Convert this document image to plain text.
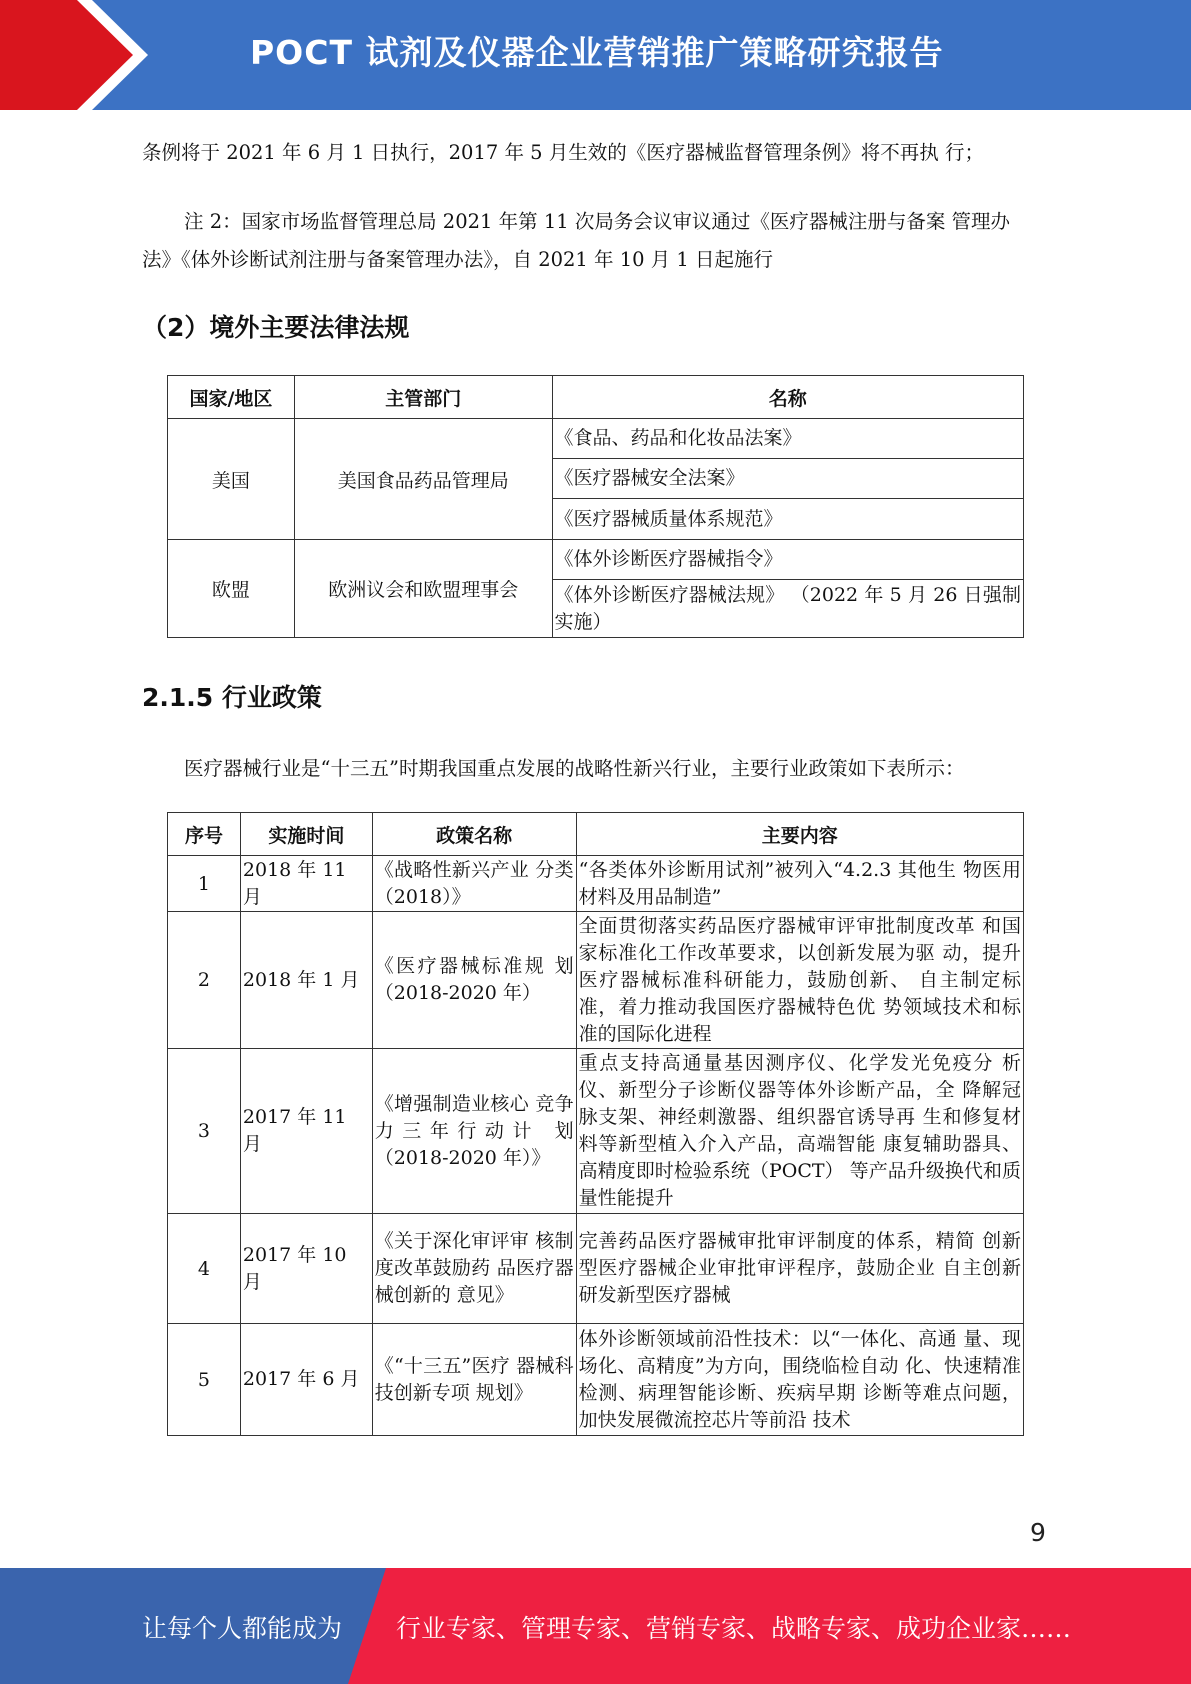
POCT 试剂及仪器企业营销推广策略研究报告

条例将于 2021 年 6 月 1 日执行，2017 年 5 月生效的《医疗器械监督管理条例》将不再执 行；

注 2：国家市场监督管理总局 2021 年第 11 次局务会议审议通过《医疗器械注册与备案 管理办法》《体外诊断试剂注册与备案管理办法》，自 2021 年 10 月 1 日起施行

（2）境外主要法律法规
国家/地区	主管部门	名称
美国	美国食品药品管理局	《食品、药品和化妆品法案》
		《医疗器械安全法案》
		《医疗器械质量体系规范》
欧盟	欧洲议会和欧盟理事会	《体外诊断医疗器械指令》
		《体外诊断医疗器械法规》 （2022 年 5 月 26 日强制实施）
2.1.5 行业政策

医疗器械行业是“十三五”时期我国重点发展的战略性新兴行业，主要行业政策如下表所示：

序号	实施时间	政策名称	主要内容
1	2018 年 11 月	《战略性新兴产业 分类（2018）》	“各类体外诊断用试剂”被列入“4.2.3 其他生 物医用材料及用品制造”
2	2018 年 1 月	《医疗器械标准规 划（2018-2020 年）	全面贯彻落实药品医疗器械审评审批制度改革 和国家标准化工作改革要求，以创新发展为驱 动，提升医疗器械标准科研能力，鼓励创新、 自主制定标准，着力推动我国医疗器械特色优 势领域技术和标准的国际化进程
3	2017 年 11 月	《增强制造业核心 竞争力三年行动计 划（2018-2020 年）》	重点支持高通量基因测序仪、化学发光免疫分 析仪、新型分子诊断仪器等体外诊断产品，全 降解冠脉支架、神经刺激器、组织器官诱导再 生和修复材料等新型植入介入产品，高端智能 康复辅助器具、高精度即时检验系统（POCT） 等产品升级换代和质量性能提升
4	2017 年 10 月	《关于深化审评审 核制度改革鼓励药 品医疗器械创新的 意见》	完善药品医疗器械审批审评制度的体系，精简 创新型医疗器械企业审批审评程序，鼓励企业 自主创新研发新型医疗器械
5	2017 年 6 月	《“十三五”医疗 器械科技创新专项 规划》	体外诊断领域前沿性技术：以“一体化、高通 量、现场化、高精度”为方向，围绕临检自动 化、快速精准检测、病理智能诊断、疾病早期 诊断等难点问题，加快发展微流控芯片等前沿 技术
9
让每个人都能成为 行业专家、管理专家、营销专家、战略专家、成功企业家……
